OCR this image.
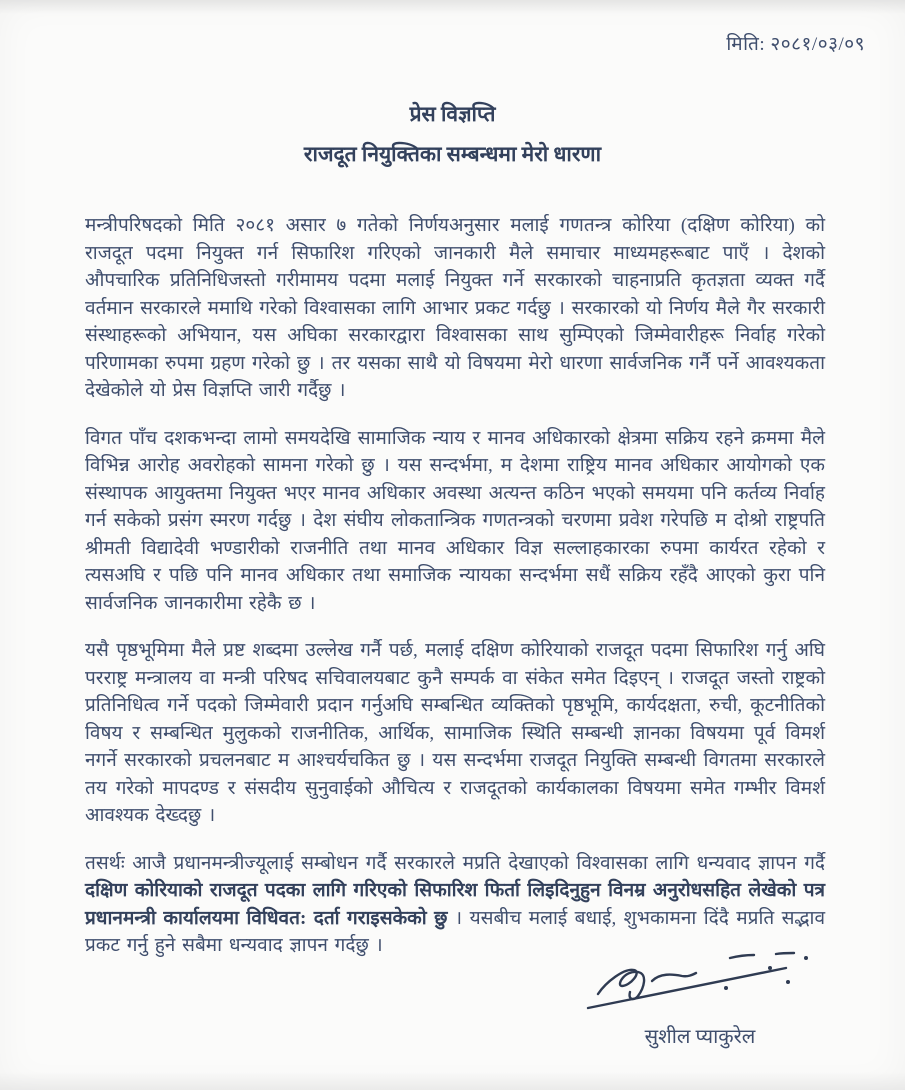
मिति: २०८१/०३/०९
प्रेस विज्ञप्ति
राजदूत नियुक्तिका सम्बन्धमा मेरो धारणा

मन्त्रीपरिषदको मिति २०८१ असार ७ गतेको निर्णयअनुसार मलाई गणतन्त्र कोरिया (दक्षिण कोरिया) को राजदूत पदमा नियुक्त गर्न सिफारिश गरिएको जानकारी मैले समाचार माध्यमहरूबाट पाएँ । देशको औपचारिक प्रतिनिधिजस्तो गरीमामय पदमा मलाई नियुक्त गर्ने सरकारको चाहनाप्रति कृतज्ञता व्यक्त गर्दै वर्तमान सरकारले ममाथि गरेको विश्वासका लागि आभार प्रकट गर्दछु । सरकारको यो निर्णय मैले गैर सरकारी संस्थाहरूको अभियान, यस अघिका सरकारद्वारा विश्वासका साथ सुम्पिएको जिम्मेवारीहरू निर्वाह गरेको परिणामका रुपमा ग्रहण गरेको छु । तर यसका साथै यो विषयमा मेरो धारणा सार्वजनिक गर्नै पर्ने आवश्यकता देखेकोले यो प्रेस विज्ञप्ति जारी गर्दैछु ।

विगत पाँच दशकभन्दा लामो समयदेखि सामाजिक न्याय र मानव अधिकारको क्षेत्रमा सक्रिय रहने क्रममा मैले विभिन्न आरोह अवरोहको सामना गरेको छु । यस सन्दर्भमा, म देशमा राष्ट्रिय मानव अधिकार आयोगको एक संस्थापक आयुक्तमा नियुक्त भएर मानव अधिकार अवस्था अत्यन्त कठिन भएको समयमा पनि कर्तव्य निर्वाह गर्न सकेको प्रसंग स्मरण गर्दछु । देश संघीय लोकतान्त्रिक गणतन्त्रको चरणमा प्रवेश गरेपछि म दोश्रो राष्ट्रपति श्रीमती विद्यादेवी भण्डारीको राजनीति तथा मानव अधिकार विज्ञ सल्लाहकारका रुपमा कार्यरत रहेको र त्यसअघि र पछि पनि मानव अधिकार तथा समाजिक न्यायका सन्दर्भमा सधैं सक्रिय रहँदै आएको कुरा पनि सार्वजनिक जानकारीमा रहेकै छ ।

यसै पृष्ठभूमिमा मैले प्रष्ट शब्दमा उल्लेख गर्नै पर्छ, मलाई दक्षिण कोरियाको राजदूत पदमा सिफारिश गर्नु अघि परराष्ट्र मन्त्रालय वा मन्त्री परिषद सचिवालयबाट कुनै सम्पर्क वा संकेत समेत दिइएन् । राजदूत जस्तो राष्ट्रको प्रतिनिधित्व गर्ने पदको जिम्मेवारी प्रदान गर्नुअघि सम्बन्धित व्यक्तिको पृष्ठभूमि, कार्यदक्षता, रुची, कूटनीतिको विषय र सम्बन्धित मुलुकको राजनीतिक, आर्थिक, सामाजिक स्थिति सम्बन्धी ज्ञानका विषयमा पूर्व विमर्श नगर्ने सरकारको प्रचलनबाट म आश्चर्यचकित छु । यस सन्दर्भमा राजदूत नियुक्ति सम्बन्धी विगतमा सरकारले तय गरेको मापदण्ड र संसदीय सुनुवाईको औचित्य र राजदूतको कार्यकालका विषयमा समेत गम्भीर विमर्श आवश्यक देख्दछु ।

तसर्थः आजै प्रधानमन्त्रीज्यूलाई सम्बोधन गर्दै सरकारले मप्रति देखाएको विश्वासका लागि धन्यवाद ज्ञापन गर्दै दक्षिण कोरियाको राजदूत पदका लागि गरिएको सिफारिश फिर्ता लिइदिनुहुन विनम्र अनुरोधसहित लेखेको पत्र प्रधानमन्त्री कार्यालयमा विधिवत: दर्ता गराइसकेको छु । यसबीच मलाई बधाई, शुभकामना दिंदै मप्रति सद्भाव प्रकट गर्नु हुने सबैमा धन्यवाद ज्ञापन गर्दछु ।

सुशील प्याकुरेल
